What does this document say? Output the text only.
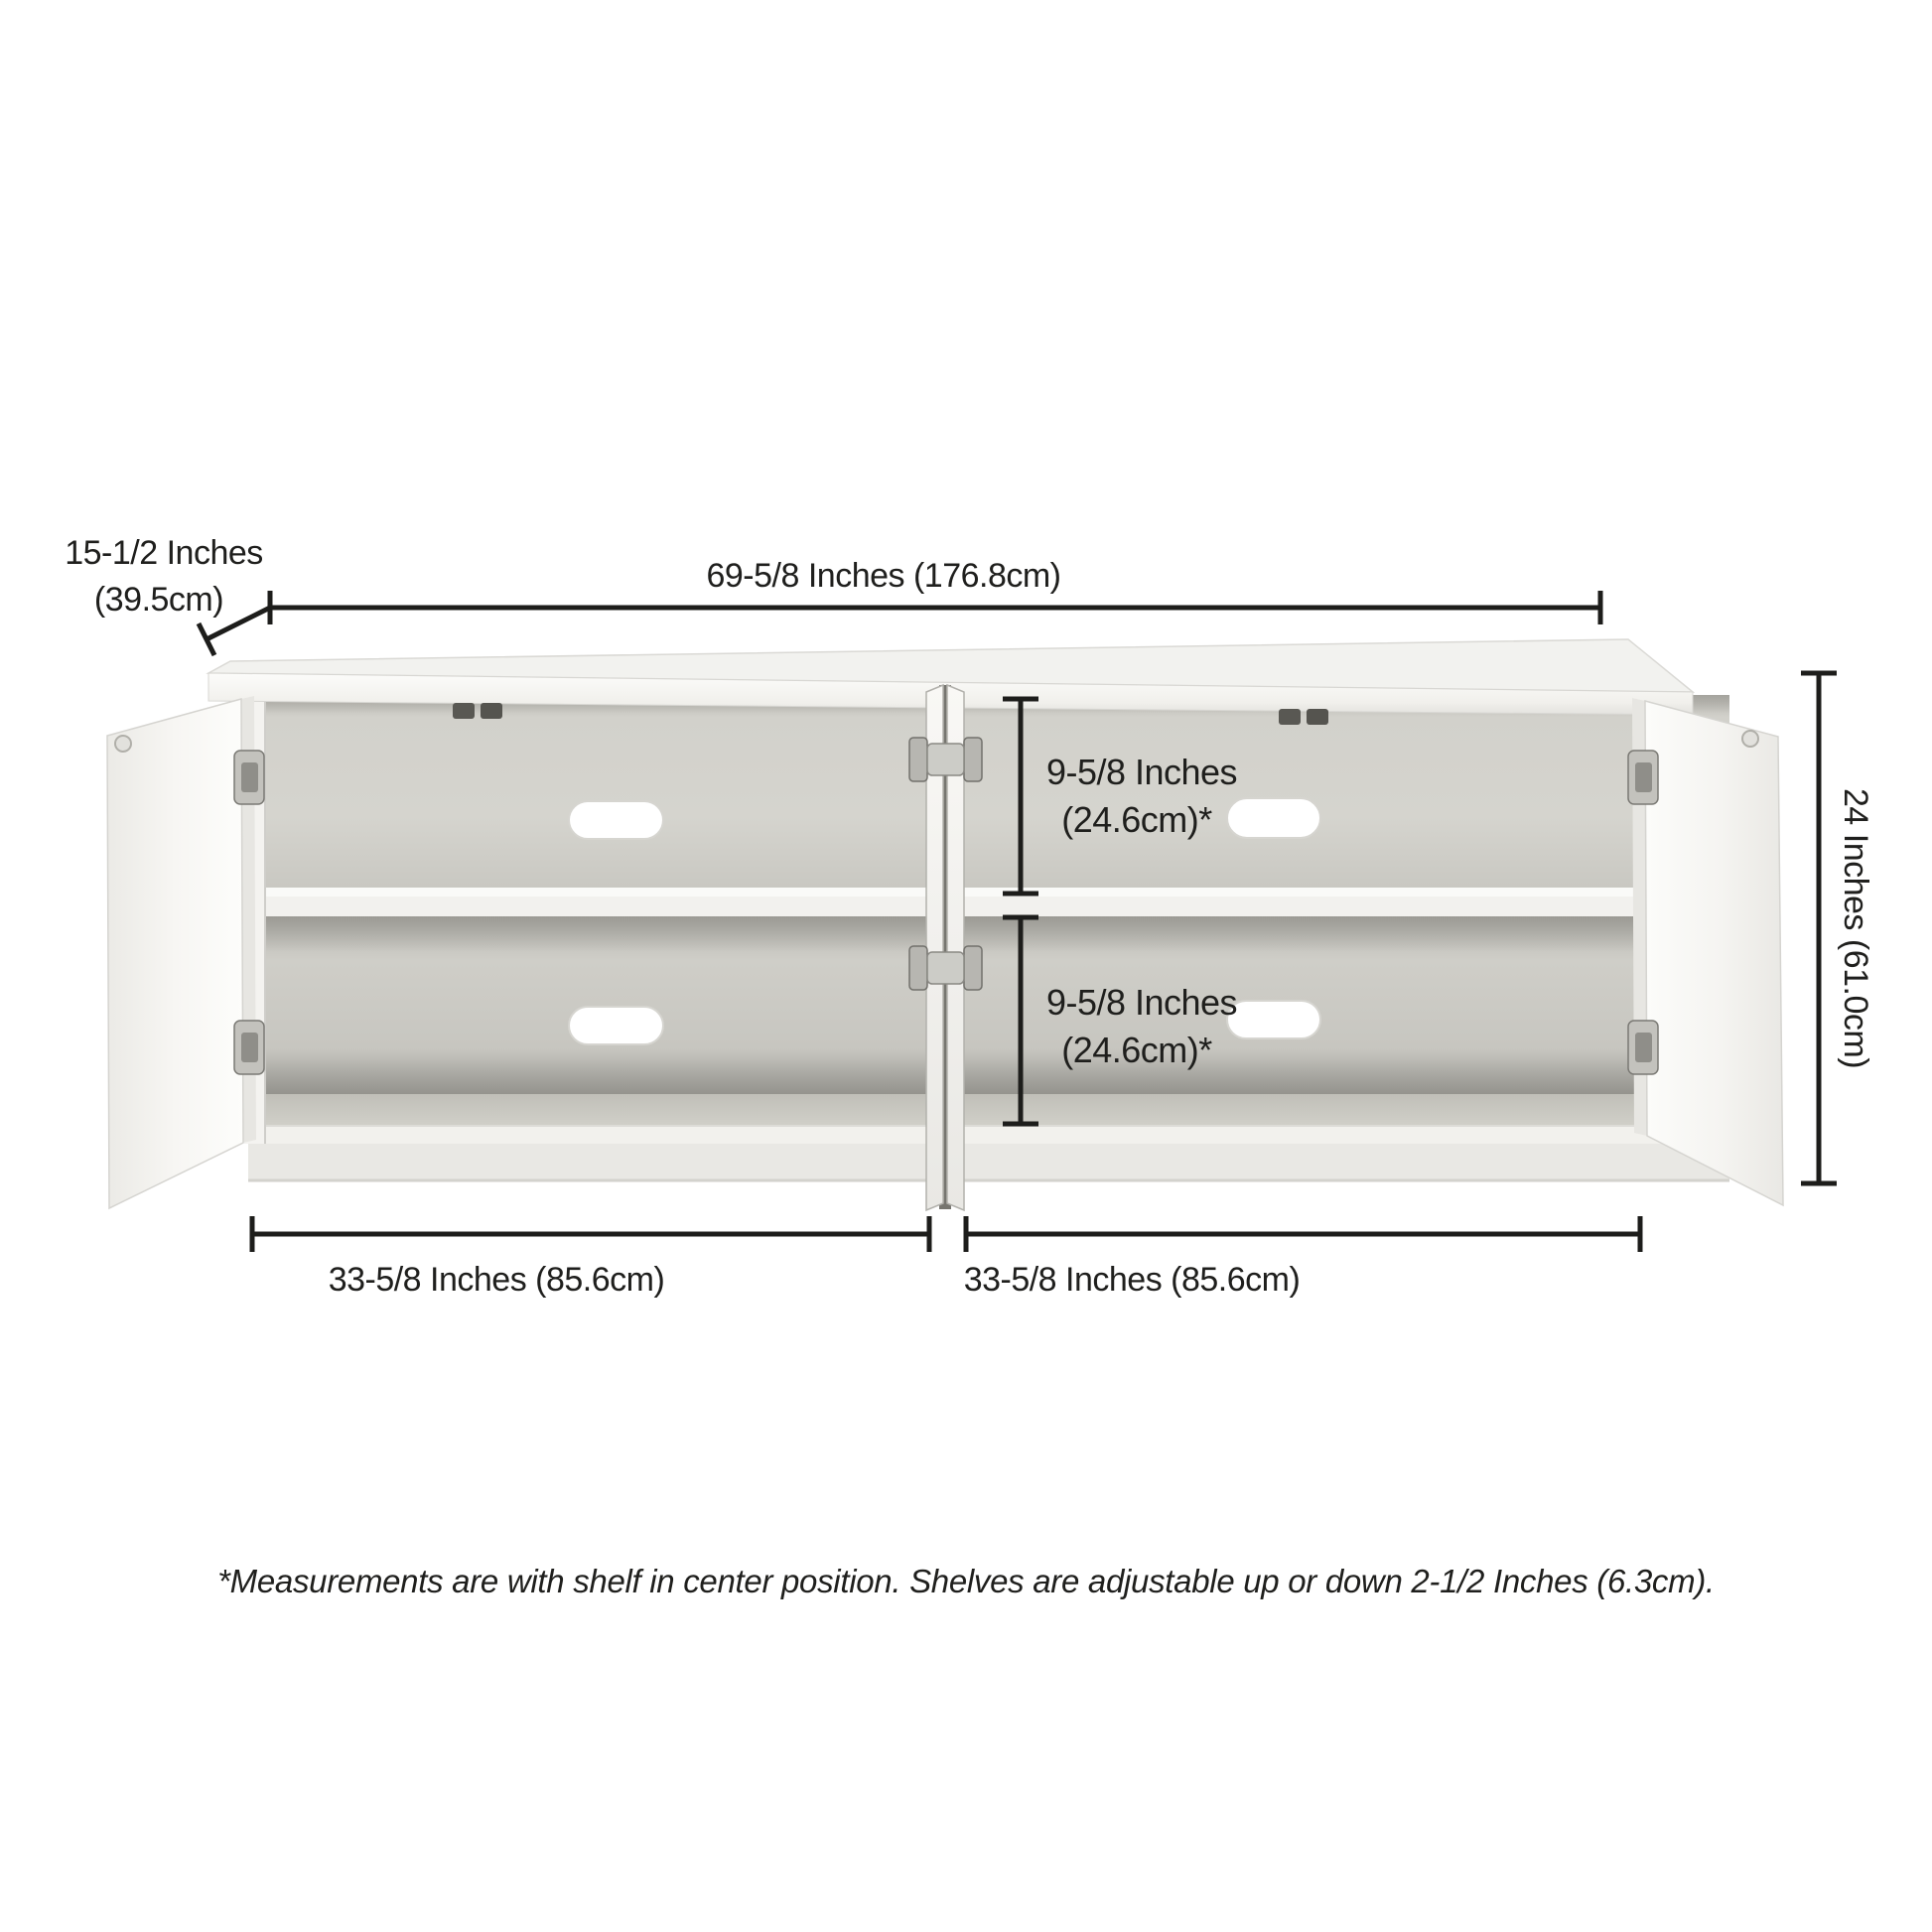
15-1/2 Inches
(39.5cm)
69-5/8 Inches (176.8cm)
24 Inches (61.0cm)
9-5/8 Inches
(24.6cm)*
9-5/8 Inches
(24.6cm)*
33-5/8 Inches (85.6cm)	33-5/8 Inches (85.6cm)
*Measurements are with shelf in center position. Shelves are adjustable up or down 2-1/2 Inches (6.3cm).
